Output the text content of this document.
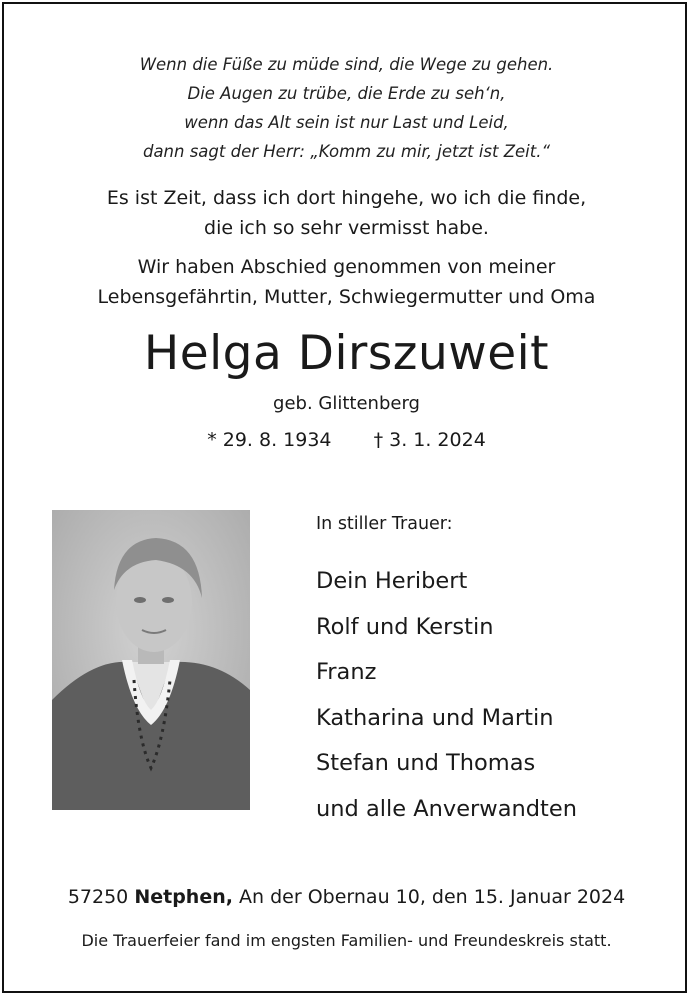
Wenn die Füße zu müde sind, die Wege zu gehen.
Die Augen zu trübe, die Erde zu seh‘n,
wenn das Alt sein ist nur Last und Leid,
dann sagt der Herr: „Komm zu mir, jetzt ist Zeit.“
Es ist Zeit, dass ich dort hingehe, wo ich die finde,
die ich so sehr vermisst habe.
Wir haben Abschied genommen von meiner
Lebensgefährtin, Mutter, Schwiegermutter und Oma
Helga Dirszuweit
geb. Glittenberg
* 29. 8. 1934 † 3. 1. 2024
In stiller Trauer:
Dein Heribert
Rolf und Kerstin
Franz
Katharina und Martin
Stefan und Thomas
und alle Anverwandten
57250 Netphen, An der Obernau 10, den 15. Januar 2024
Die Trauerfeier fand im engsten Familien- und Freundeskreis statt.
